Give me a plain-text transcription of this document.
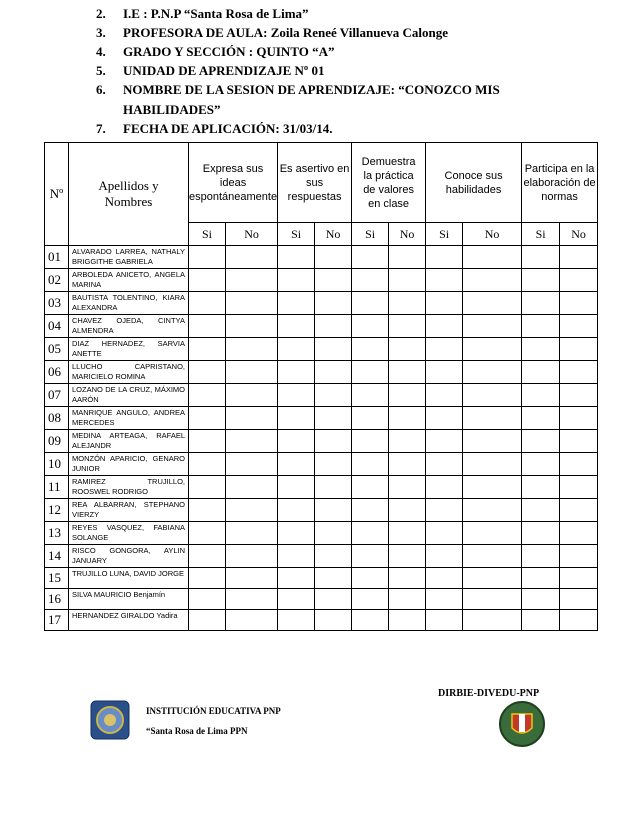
2. I.E : P.N.P “Santa Rosa de Lima”
3. PROFESORA DE AULA: Zoila Reneé Villanueva Calonge
4. GRADO Y SECCIÓN : QUINTO “A”
5. UNIDAD DE APRENDIZAJE Nº 01
6. NOMBRE DE LA SESION DE APRENDIZAJE: “CONOZCO MIS
HABILIDADES”
7. FECHA DE APLICACIÓN: 31/03/14.
Nº	Apellidos y Nombres	Expresa sus ideas espontáneamente		Es asertivo en sus respuestas		Demuestra la práctica de valores en clase		Conoce sus habilidades		Participa en la elaboración de normas	
		Si	No	Si	No	Si	No	Si	No	Si	No
01	ALVARADO LARREA, NATHALY BRIGGITHE GABRIELA										
02	ARBOLEDA ANICETO, ANGELA MARINA										
03	BAUTISTA TOLENTINO, KIARA ALEXANDRA										
04	CHAVEZ OJEDA, CINTYA ALMENDRA										
05	DIAZ HERNADEZ, SARVIA ANETTE										
06	LLUCHO CAPRISTANO, MARICIELO ROMINA										
07	LOZANO DE LA CRUZ, MÁXIMO AARÓN										
08	MANRIQUE ANGULO, ANDREA MERCEDES										
09	MEDINA ARTEAGA, RAFAEL ALEJANDR										
10	MONZÓN APARICIO, GENARO JUNIOR										
11	RAMIREZ TRUJILLO, ROOSWEL RODRIGO										
12	REA ALBARRAN, STEPHANO VIERZY										
13	REYES VASQUEZ, FABIANA SOLANGE										
14	RISCO GONGORA, AYLIN JANUARY										
15	TRUJILLO LUNA, DAVID JORGE										
16	SILVA MAURICIO Benjamín										
17	HERNANDEZ GIRALDO Yadira										
DIRBIE-DIVEDU-PNP
INSTITUCIÓN EDUCATIVA PNP
“Santa Rosa de Lima PPN
